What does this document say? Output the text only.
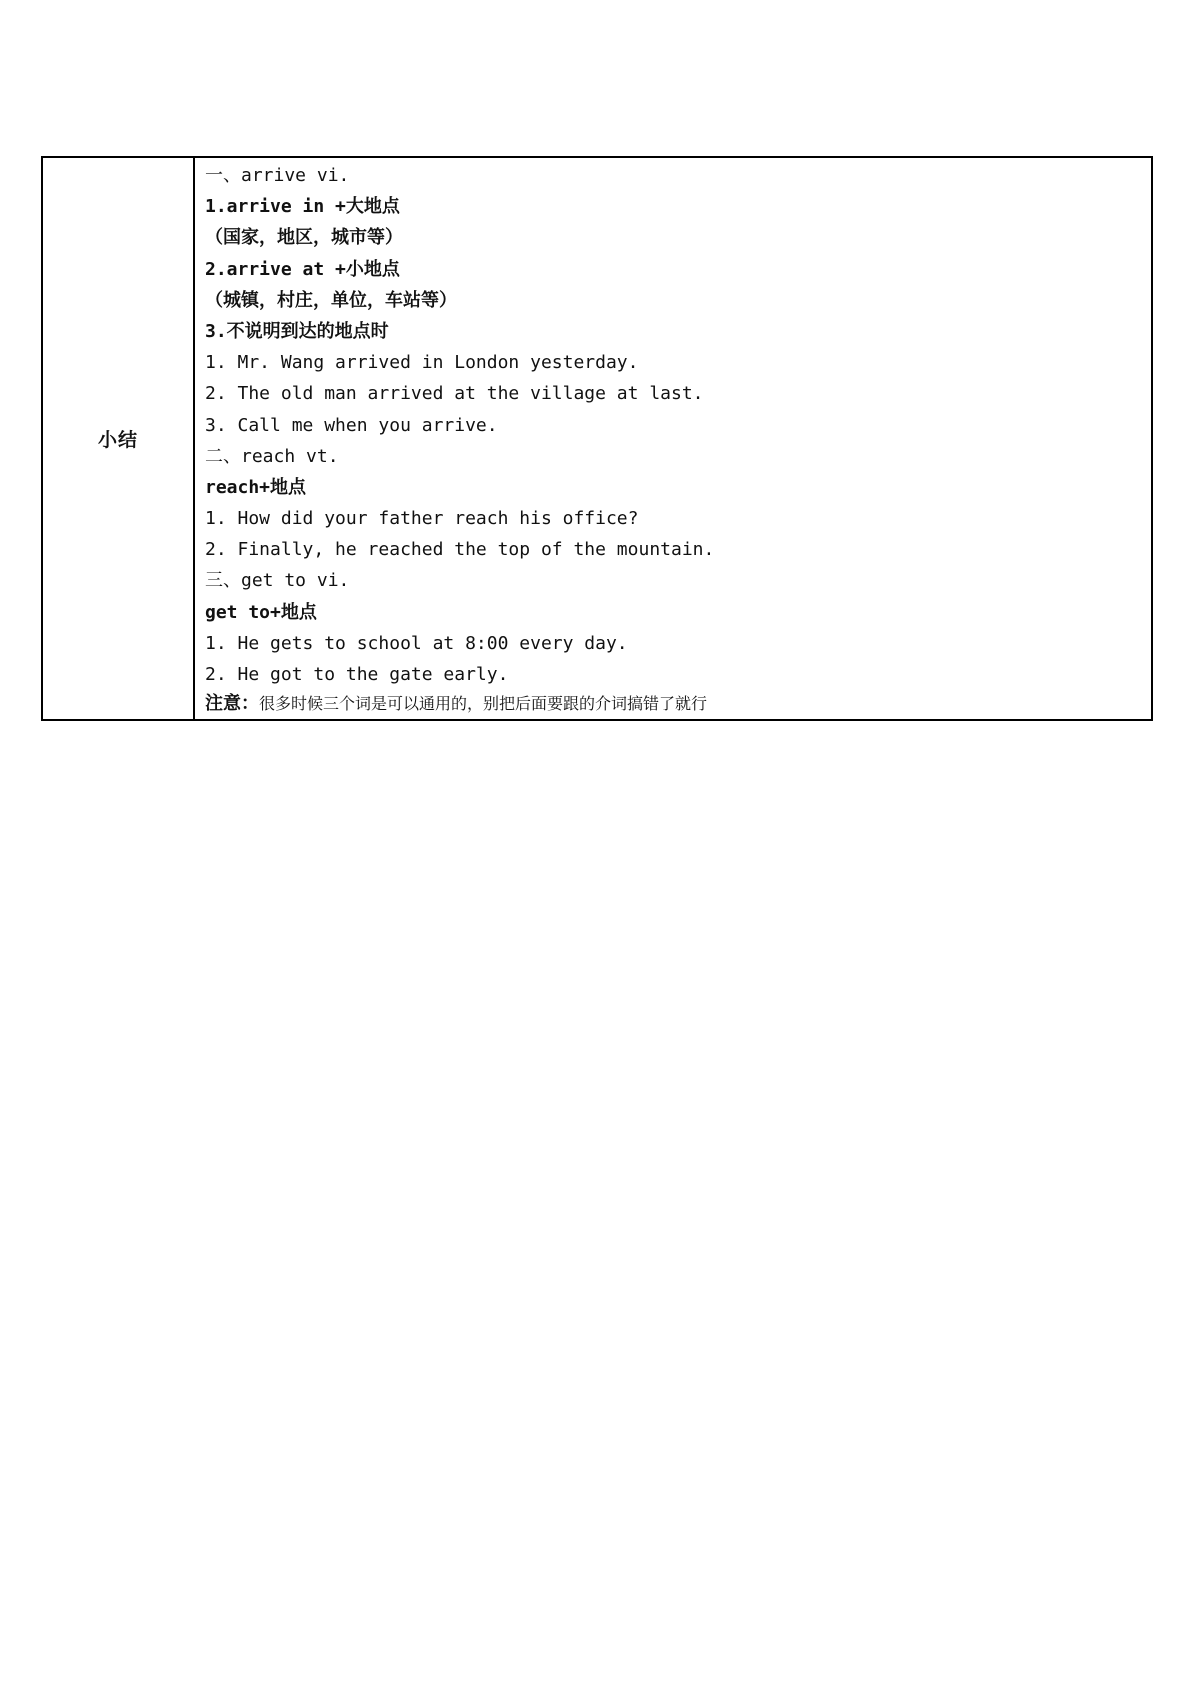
小结	
一、arrive vi.
1.arrive in +大地点
（国家，地区，城市等）
2.arrive at +小地点
（城镇，村庄，单位，车站等）
3.不说明到达的地点时
1. Mr. Wang arrived in London yesterday.
2. The old man arrived at the village at last.
3. Call me when you arrive.
二、reach vt.
reach+地点
1. How did your father reach his office?
2. Finally, he reached the top of the mountain.
三、get to vi.
get to+地点
1. He gets to school at 8:00 every day.
2. He got to the gate early.
注意：很多时候三个词是可以通用的，别把后面要跟的介词搞错了就行
